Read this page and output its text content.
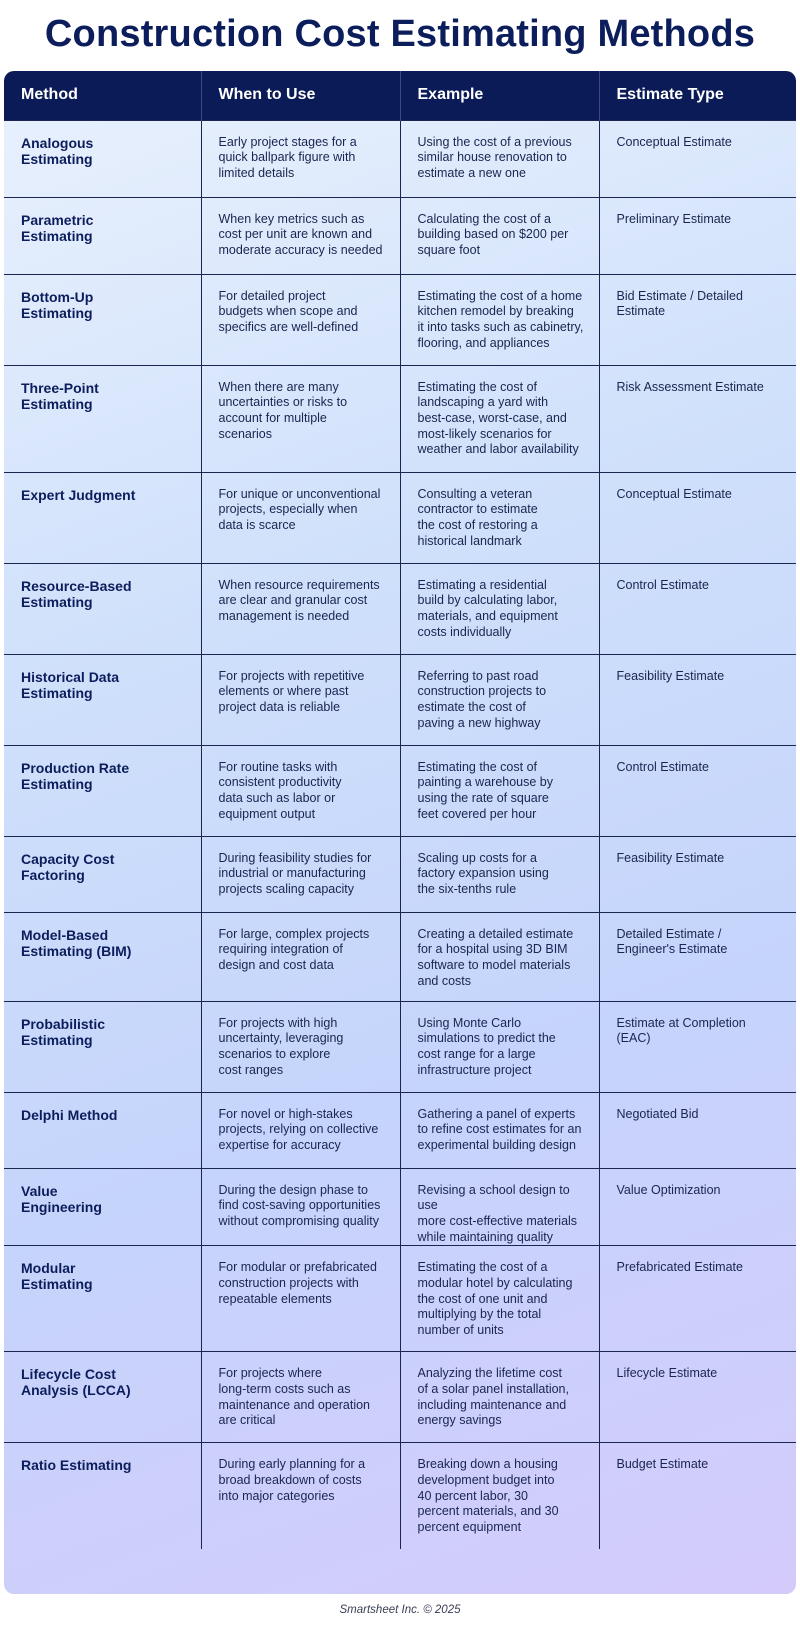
Construction Cost Estimating Methods
Method	When to Use	Example	Estimate Type
Analogous
Estimating	Early project stages for a
quick ballpark figure with
limited details	Using the cost of a previous
similar house renovation to
estimate a new one	Conceptual Estimate
Parametric
Estimating	When key metrics such as
cost per unit are known and
moderate accuracy is needed	Calculating the cost of a
building based on $200 per
square foot	Preliminary Estimate
Bottom-Up
Estimating	For detailed project
budgets when scope and
specifics are well-defined	Estimating the cost of a home
kitchen remodel by breaking
it into tasks such as cabinetry,
flooring, and appliances	Bid Estimate / Detailed
Estimate
Three-Point
Estimating	When there are many
uncertainties or risks to
account for multiple
scenarios	Estimating the cost of
landscaping a yard with
best-case, worst-case, and
most-likely scenarios for
weather and labor availability	Risk Assessment Estimate
Expert Judgment	For unique or unconventional
projects, especially when
data is scarce	Consulting a veteran
contractor to estimate
the cost of restoring a
historical landmark	Conceptual Estimate
Resource-Based
Estimating	When resource requirements
are clear and granular cost
management is needed	Estimating a residential
build by calculating labor,
materials, and equipment
costs individually	Control Estimate
Historical Data
Estimating	For projects with repetitive
elements or where past
project data is reliable	Referring to past road
construction projects to
estimate the cost of
paving a new highway	Feasibility Estimate
Production Rate
Estimating	For routine tasks with
consistent productivity
data such as labor or
equipment output	Estimating the cost of
painting a warehouse by
using the rate of square
feet covered per hour	Control Estimate
Capacity Cost
Factoring	During feasibility studies for
industrial or manufacturing
projects scaling capacity	Scaling up costs for a
factory expansion using
the six-tenths rule	Feasibility Estimate
Model-Based
Estimating (BIM)	For large, complex projects
requiring integration of
design and cost data	Creating a detailed estimate
for a hospital using 3D BIM
software to model materials
and costs	Detailed Estimate /
Engineer's Estimate
Probabilistic
Estimating	For projects with high
uncertainty, leveraging
scenarios to explore
cost ranges	Using Monte Carlo
simulations to predict the
cost range for a large
infrastructure project	Estimate at Completion
(EAC)
Delphi Method	For novel or high-stakes
projects, relying on collective
expertise for accuracy	Gathering a panel of experts
to refine cost estimates for an
experimental building design	Negotiated Bid
Value
Engineering	During the design phase to
find cost-saving opportunities
without compromising quality	Revising a school design to use
more cost-effective materials
while maintaining quality	Value Optimization
Modular
Estimating	For modular or prefabricated
construction projects with
repeatable elements	Estimating the cost of a
modular hotel by calculating
the cost of one unit and
multiplying by the total
number of units	Prefabricated Estimate
Lifecycle Cost
Analysis (LCCA)	For projects where
long-term costs such as
maintenance and operation
are critical	Analyzing the lifetime cost
of a solar panel installation,
including maintenance and
energy savings	Lifecycle Estimate
Ratio Estimating	During early planning for a
broad breakdown of costs
into major categories	Breaking down a housing
development budget into
40 percent labor, 30
percent materials, and 30
percent equipment	Budget Estimate
Smartsheet Inc. © 2025
